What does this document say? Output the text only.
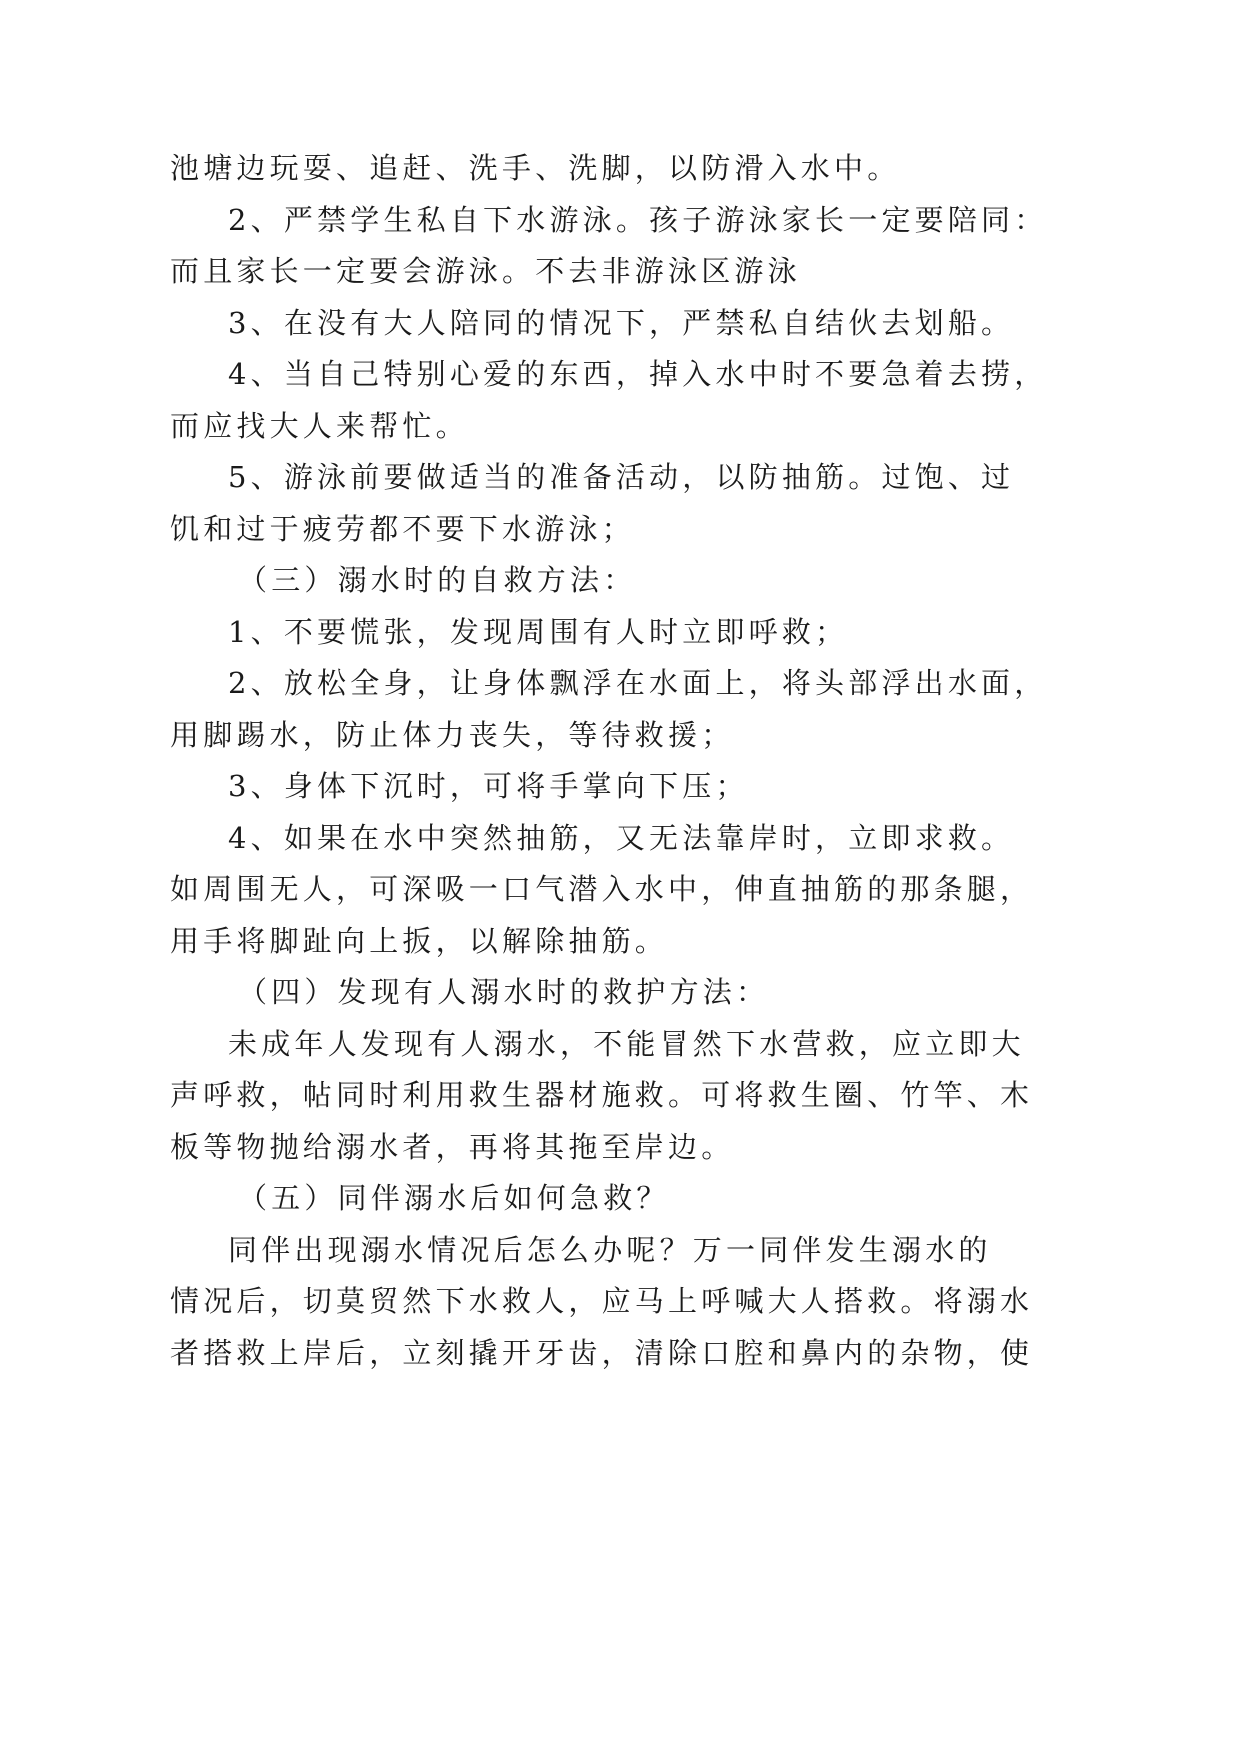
池塘边玩耍、追赶、洗手、洗脚，以防滑入水中。
2、严禁学生私自下水游泳。孩子游泳家长一定要陪同：
而且家长一定要会游泳。不去非游泳区游泳
3、在没有大人陪同的情况下，严禁私自结伙去划船。
4、当自己特别心爱的东西，掉入水中时不要急着去捞，
而应找大人来帮忙。
5、游泳前要做适当的准备活动，以防抽筋。过饱、过
饥和过于疲劳都不要下水游泳；
（三）溺水时的自救方法：
1、不要慌张，发现周围有人时立即呼救；
2、放松全身，让身体飘浮在水面上，将头部浮出水面，
用脚踢水，防止体力丧失，等待救援；
3、身体下沉时，可将手掌向下压；
4、如果在水中突然抽筋，又无法靠岸时，立即求救。
如周围无人，可深吸一口气潜入水中，伸直抽筋的那条腿，
用手将脚趾向上扳，以解除抽筋。
（四）发现有人溺水时的救护方法：
未成年人发现有人溺水，不能冒然下水营救，应立即大
声呼救，帖同时利用救生器材施救。可将救生圈、竹竿、木
板等物抛给溺水者，再将其拖至岸边。
（五）同伴溺水后如何急救？
同伴出现溺水情况后怎么办呢？万一同伴发生溺水的
情况后，切莫贸然下水救人，应马上呼喊大人搭救。将溺水
者搭救上岸后，立刻撬开牙齿，清除口腔和鼻内的杂物，使
